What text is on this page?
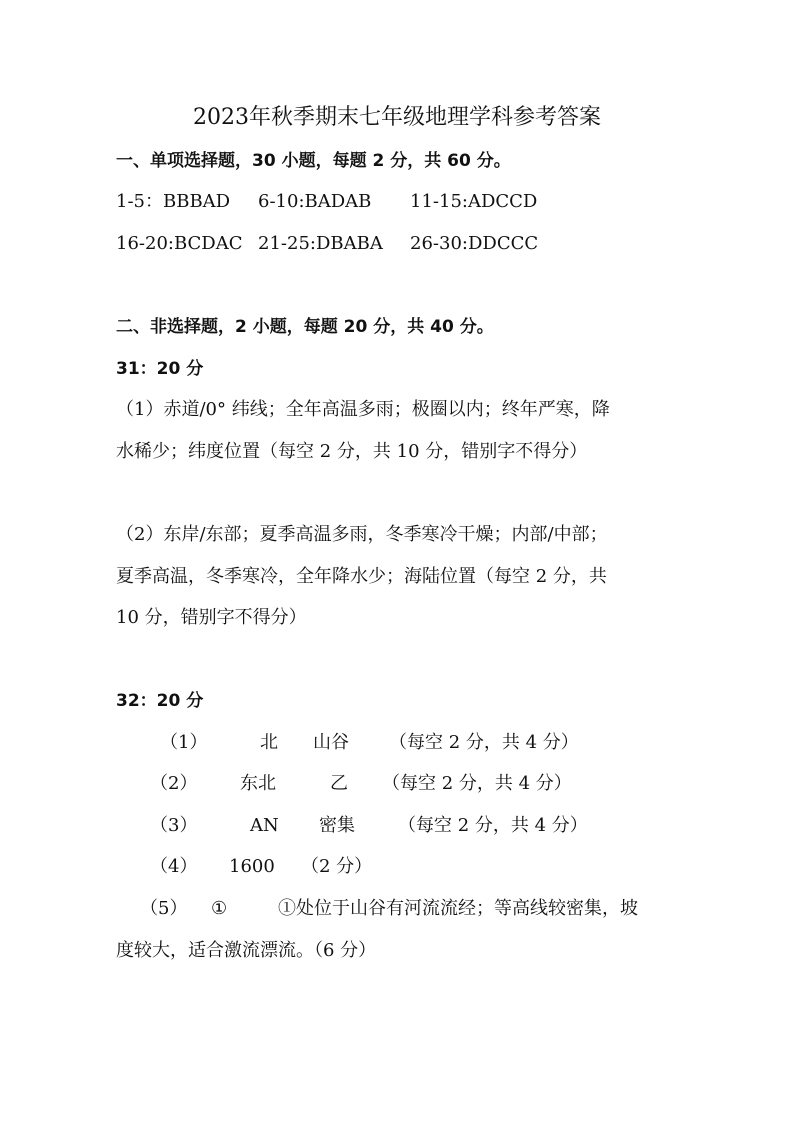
2023年秋季期末七年级地理学科参考答案
一、单项选择题，30 小题，每题 2 分，共 60 分。
1-5：BBBAD 6-10:BADAB 11-15:ADCCD
16-20:BCDAC 21-25:DBABA 26-30:DDCCC
二、非选择题，2 小题，每题 20 分，共 40 分。
31：20 分
（1）赤道/0° 纬线；全年高温多雨；极圈以内；终年严寒，降
水稀少；纬度位置（每空 2 分，共 10 分，错别字不得分）
（2）东岸/东部；夏季高温多雨，冬季寒冷干燥；内部/中部；
夏季高温，冬季寒冷，全年降水少；海陆位置（每空 2 分，共
10 分，错别字不得分）
32：20 分
（1）	北 山谷 （每空 2 分，共 4 分）
（2） 东北	乙 （每空 2 分，共 4 分）
（3）	AN 密集 （每空 2 分，共 4 分）
（4） 1600 （2 分）
（5） ①	①处位于山谷有河流流经；等高线较密集，坡
度较大，适合激流漂流。（6 分）
